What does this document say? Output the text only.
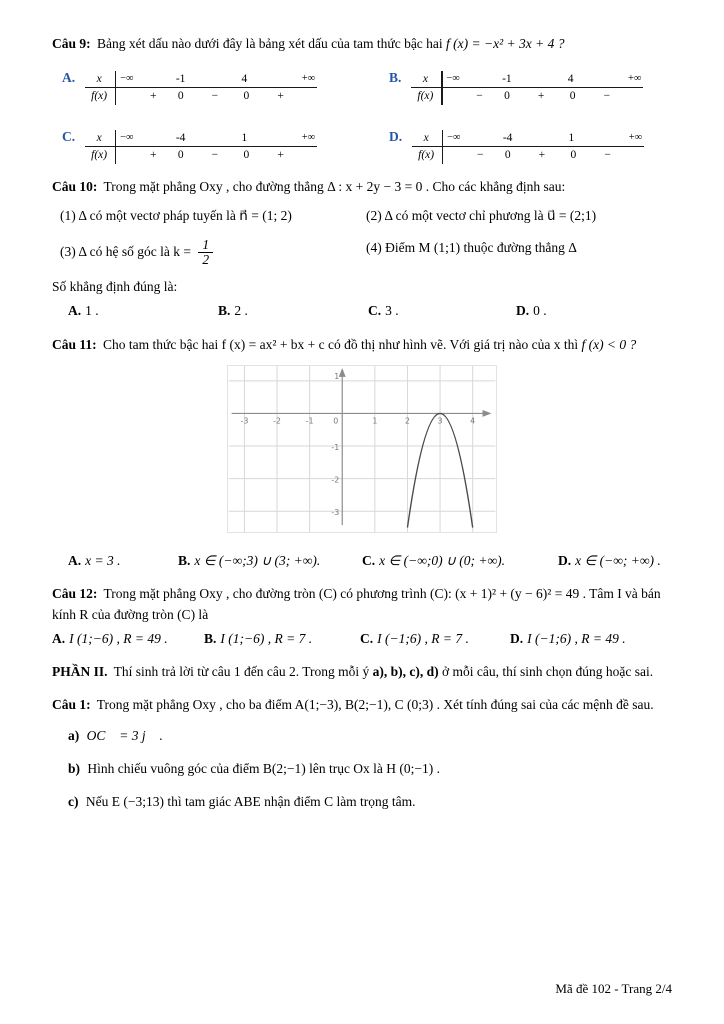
Câu 9: Bảng xét dấu nào dưới đây là bảng xét dấu của tam thức bậc hai f (x) = −x² + 3x + 4 ?

A.	x	−∞	-1	4	+∞
f(x)	+ 0 − 0 +
B.	x	−∞	-1	4	+∞
f(x)	− 0 + 0 −
C.	x	−∞	-4	1	+∞
f(x)	+ 0 − 0 +
D.	x	−∞	-4	1	+∞
f(x)	− 0 + 0 −

Câu 10: Trong mặt phẳng Oxy , cho đường thẳng Δ : x + 2y − 3 = 0 . Cho các khẳng định sau:

(1) Δ có một vectơ pháp tuyến là n⃗ = (1; 2)	(2) Δ có một vectơ chỉ phương là u⃗ = (2;1)
(3) Δ có hệ số góc là $k = \frac{1}{2}$	(4) Điểm M (1;1) thuộc đường thẳng Δ

Số khẳng định đúng là:

A. 1 .	B. 2 .	C. 3 .	D. 0 .

Câu 11: Cho tam thức bậc hai f (x) = ax² + bx + c có đồ thị như hình vẽ. Với giá trị nào của x thì f (x) < 0 ?

-3	-2	-1 0	1	2	3	4
1
-1
-2
-3
A. x = 3 .	B. x ∈ (−∞;3) ∪ (3; +∞).	C. x ∈ (−∞;0) ∪ (0; +∞).	D. x ∈ (−∞; +∞) .

Câu 12: Trong mặt phẳng Oxy , cho đường tròn (C) có phương trình (C): (x + 1)² + (y − 6)² = 49 . Tâm I và bán kính R của đường tròn (C) là

A. I (1;−6) , R = 49 .	B. I (1;−6) , R = 7 .	C. I (−1;6) , R = 7 .	D. I (−1;6) , R = 49 .

PHẦN II. Thí sinh trả lời từ câu 1 đến câu 2. Trong mỗi ý a), b), c), d) ở mỗi câu, thí sinh chọn đúng hoặc sai.

Câu 1: Trong mặt phẳng Oxy , cho ba điểm A(1;−3), B(2;−1), C (0;3) . Xét tính đúng sai của các mệnh đề sau.

a) OC⃗ = 3 j⃗ .
b) Hình chiếu vuông góc của điểm B(2;−1) lên trục Ox là H (0;−1) .
c) Nếu E (−3;13) thì tam giác ABE nhận điểm C làm trọng tâm.
Mã đề 102 - Trang 2/4
